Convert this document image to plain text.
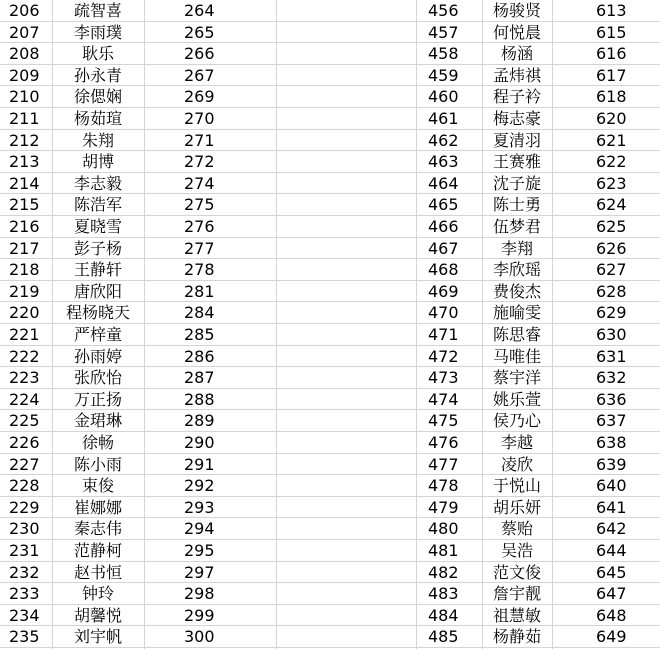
206	疏智喜	264	456	杨骏贤	613
207	李雨璞	265	457	何悦晨	615
208	耿乐	266	458	杨涵	616
209	孙永青	267	459	孟炜祺	617
210	徐偲娴	269	460	程子衿	618
211	杨茹瑄	270	461	梅志豪	620
212	朱翔	271	462	夏清羽	621
213	胡博	272	463	王赛雅	622
214	李志毅	274	464	沈子旋	623
215	陈浩军	275	465	陈士勇	624
216	夏晓雪	276	466	伍梦君	625
217	彭子杨	277	467	李翔	626
218	王静轩	278	468	李欣瑶	627
219	唐欣阳	281	469	费俊杰	628
220	程杨晓天	284	470	施喻雯	629
221	严梓童	285	471	陈思睿	630
222	孙雨婷	286	472	马唯佳	631
223	张欣怡	287	473	蔡宇洋	632
224	万正扬	288	474	姚乐萱	636
225	金珺琳	289	475	侯乃心	637
226	徐畅	290	476	李越	638
227	陈小雨	291	477	凌欣	639
228	束俊	292	478	于悦山	640
229	崔娜娜	293	479	胡乐妍	641
230	秦志伟	294	480	蔡贻	642
231	范静柯	295	481	吴浩	644
232	赵书恒	297	482	范文俊	645
233	钟玲	298	483	詹宇靓	647
234	胡馨悦	299	484	祖慧敏	648
235	刘宇帆	300	485	杨静茹	649
